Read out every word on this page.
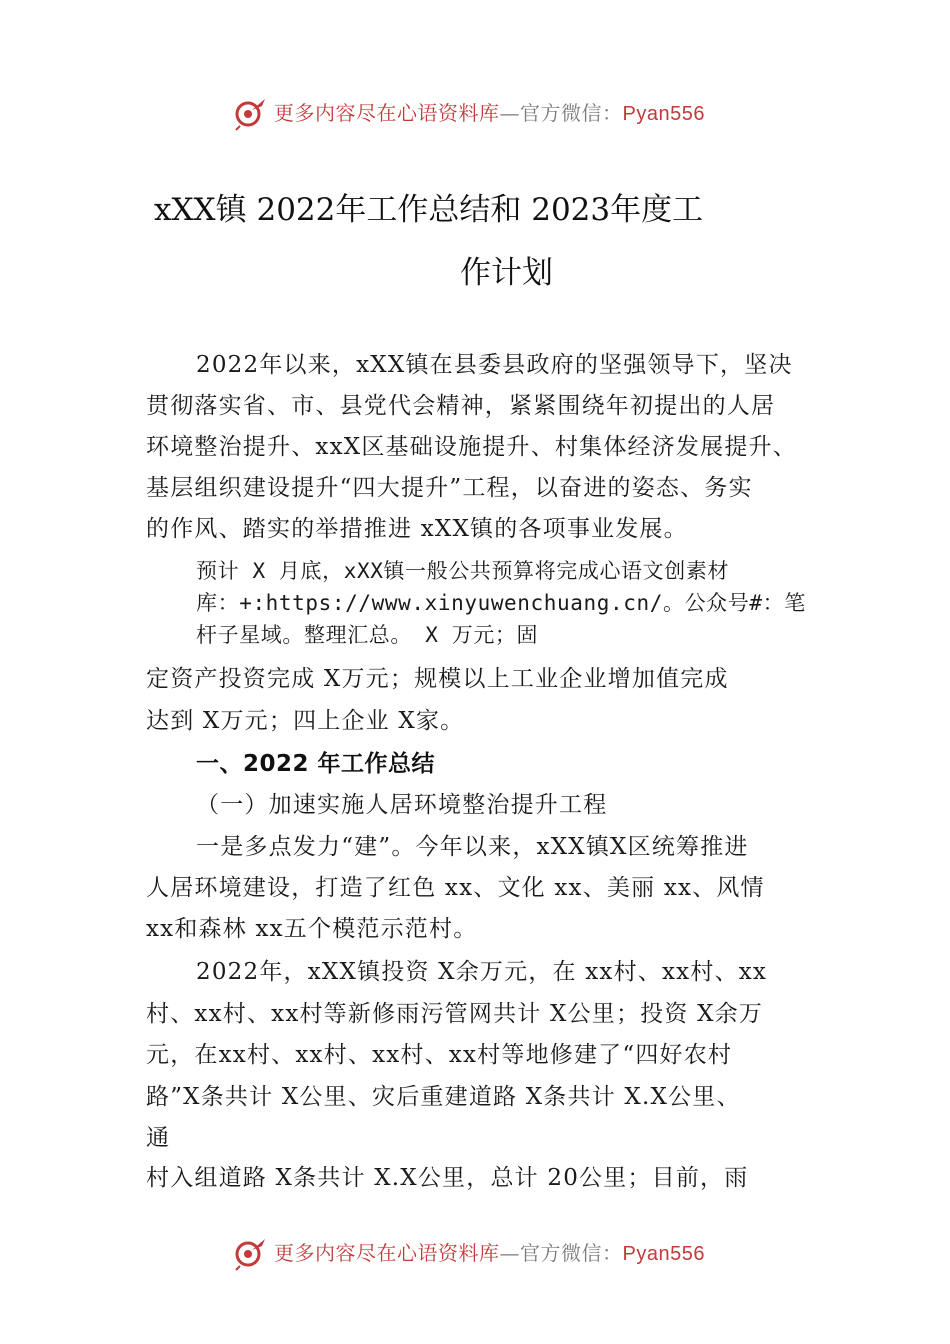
更多内容尽在心语资料库—官方微信：Pyan556
xXX镇 2022年工作总结和 2023年度工
作计划
2022年以来，xXX镇在县委县政府的坚强领导下，坚决
贯彻落实省、市、县党代会精神，紧紧围绕年初提出的人居
环境整治提升、xxX区基础设施提升、村集体经济发展提升、
基层组织建设提升“四大提升”工程，以奋进的姿态、务实
的作风、踏实的举措推进 xXX镇的各项事业发展。
预计 X 月底，xXX镇一般公共预算将完成心语文创素材
库：+:https://www.xinyuwenchuang.cn/。公众号#：笔
杆子星域。整理汇总。 X 万元；固
定资产投资完成 X万元；规模以上工业企业增加值完成
达到 X万元；四上企业 X家。
一、2022 年工作总结
（一）加速实施人居环境整治提升工程
一是多点发力“建”。今年以来，xXX镇X区统筹推进
人居环境建设，打造了红色 xx、文化 xx、美丽 xx、风情
xx和森林 xx五个模范示范村。
2022年，xXX镇投资 X余万元，在 xx村、xx村、xx
村、xx村、xx村等新修雨污管网共计 X公里；投资 X余万
元，在xx村、xx村、xx村、xx村等地修建了“四好农村
路”X条共计 X公里、灾后重建道路 X条共计 X.X公里、
通
村入组道路 X条共计 X.X公里，总计 20公里；目前，雨
更多内容尽在心语资料库—官方微信：Pyan556
